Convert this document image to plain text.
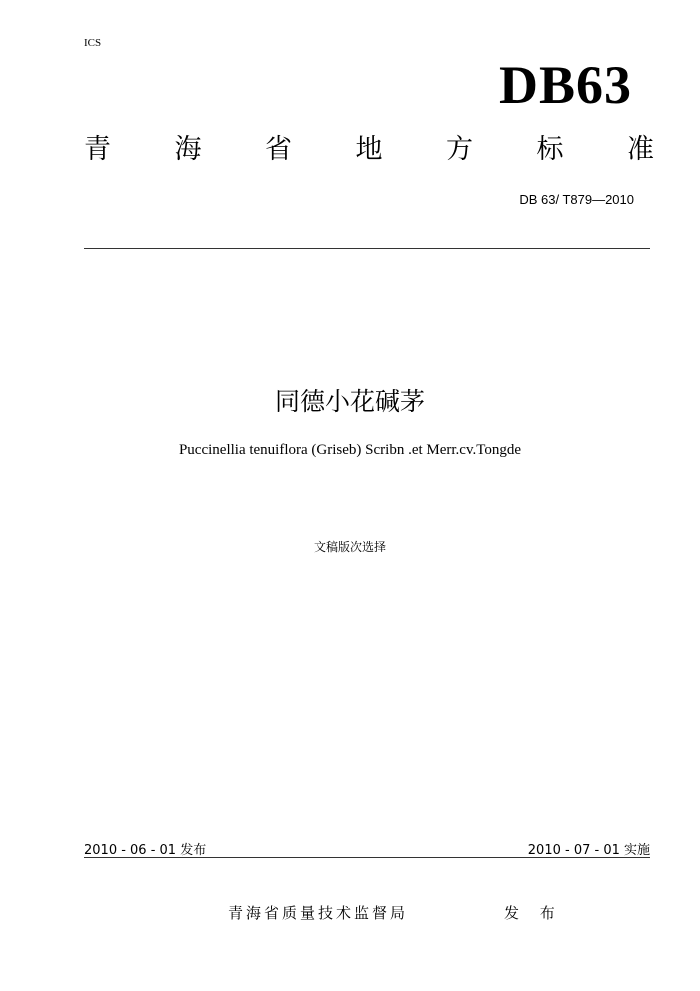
ICS
DB63
青 海 省 地 方 标 准
DB 63/ T879—2010
同德小花碱茅
Puccinellia tenuiflora (Griseb) Scribn .et Merr.cv.Tongde
文稿版次选择
2010 - 06 - 01 发布	2010 - 07 - 01 实施
青海省质量技术监督局	发 布
